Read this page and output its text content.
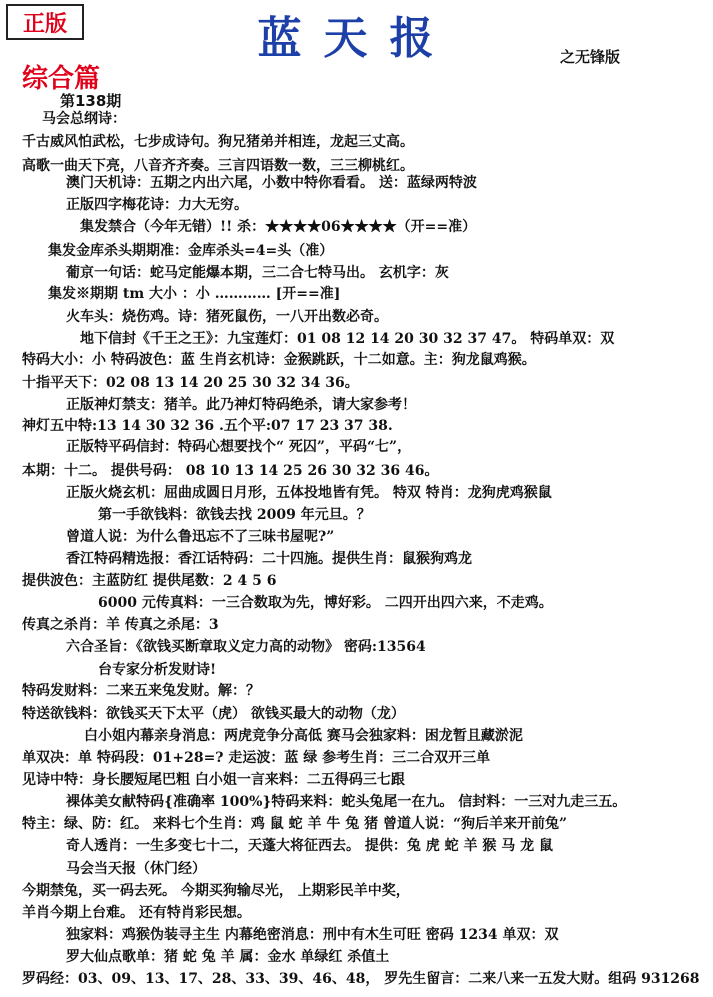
正版	蓝天报	之无锋版
综合篇
第138期
马会总纲诗：
千古威风怕武松，七步成诗句。狗兄猪弟并相连，龙起三丈高。
高歌一曲天下亮，八音齐齐奏。三言四语数一数，三三柳桃红。
澳门天机诗：五期之内出六尾，小数中特你看看。 送：蓝绿两特波
正版四字梅花诗：力大无穷。
集发禁合（今年无错）!! 杀：★★★★06★★★★（开==准）
集发金库杀头期期准：金库杀头=4=头（准）
葡京一句话：蛇马定能爆本期，三二合七特马出。 玄机字：灰
集发※期期 tm 大小 ：小 ………… [开==准]
火车头：烧伤鸡。诗：猪死鼠伤，一八开出数必奇。
地下信封《千王之王》：九宝莲灯：01 08 12 14 20 30 32 37 47。 特码单双：双
特码大小：小 特码波色：蓝 生肖玄机诗：金猴跳跃，十二如意。主：狗龙鼠鸡猴。
十指平天下：02 08 13 14 20 25 30 32 34 36。
正版神灯禁支：猪羊。此乃神灯特码绝杀，请大家参考！
神灯五中特:13 14 30 32 36 .五个平:07 17 23 37 38.
正版特平码信封：特码心想要找个“ 死囚”，平码“七”，
本期：十二。 提供号码： 08 10 13 14 25 26 30 32 36 46。
正版火烧玄机：屈曲成圆日月形，五体投地皆有凭。 特双 特肖：龙狗虎鸡猴鼠
第一手欲钱料：欲钱去找 2009 年元旦。？
曾道人说：为什么鲁迅忘不了三味书屋呢?”
香江特码精选报：香江话特码：二十四施。提供生肖：鼠猴狗鸡龙
提供波色：主蓝防红 提供尾数：2 4 5 6
6000 元传真料：一三合数取为先，博好彩。 二四开出四六来，不走鸡。
传真之杀肖：羊 传真之杀尾：3
六合圣旨：《欲钱买断章取义定力高的动物》 密码:13564
台专家分析发财诗!
特码发财料：二来五来兔发财。解：？
特送欲钱料：欲钱买天下太平（虎） 欲钱买最大的动物（龙）
白小姐内幕亲身消息：两虎竞争分高低 赛马会独家料：困龙暂且藏淤泥
单双决：单 特码段：01+28=? 走运波：蓝 绿 参考生肖：三二合双开三单
见诗中特：身长腰短尾巴粗 白小姐一言来料：二五得码三七跟
裸体美女献特码{准确率 100%}特码来料：蛇头兔尾一在九。 信封料：一三对九走三五。
特主：绿、防：红。 来料七个生肖：鸡 鼠 蛇 羊 牛 兔 猪 曾道人说：“狗后羊来开前兔”
奇人透肖：一生多变七十二，天蓬大将征西去。 提供：兔 虎 蛇 羊 猴 马 龙 鼠
马会当天报（休门经）
今期禁兔，买一码去死。 今期买狗输尽光， 上期彩民羊中奖，
羊肖今期上台难。 还有特肖彩民想。
独家料：鸡猴伪装寻主生 内幕绝密消息：刑中有木生可旺 密码 1234 单双：双
罗大仙点歌单：猪 蛇 兔 羊 属：金水 单绿红 杀值土
罗码经：03、09、13、17、28、33、39、46、48， 罗先生留言：二来八来一五发大财。组码 931268
